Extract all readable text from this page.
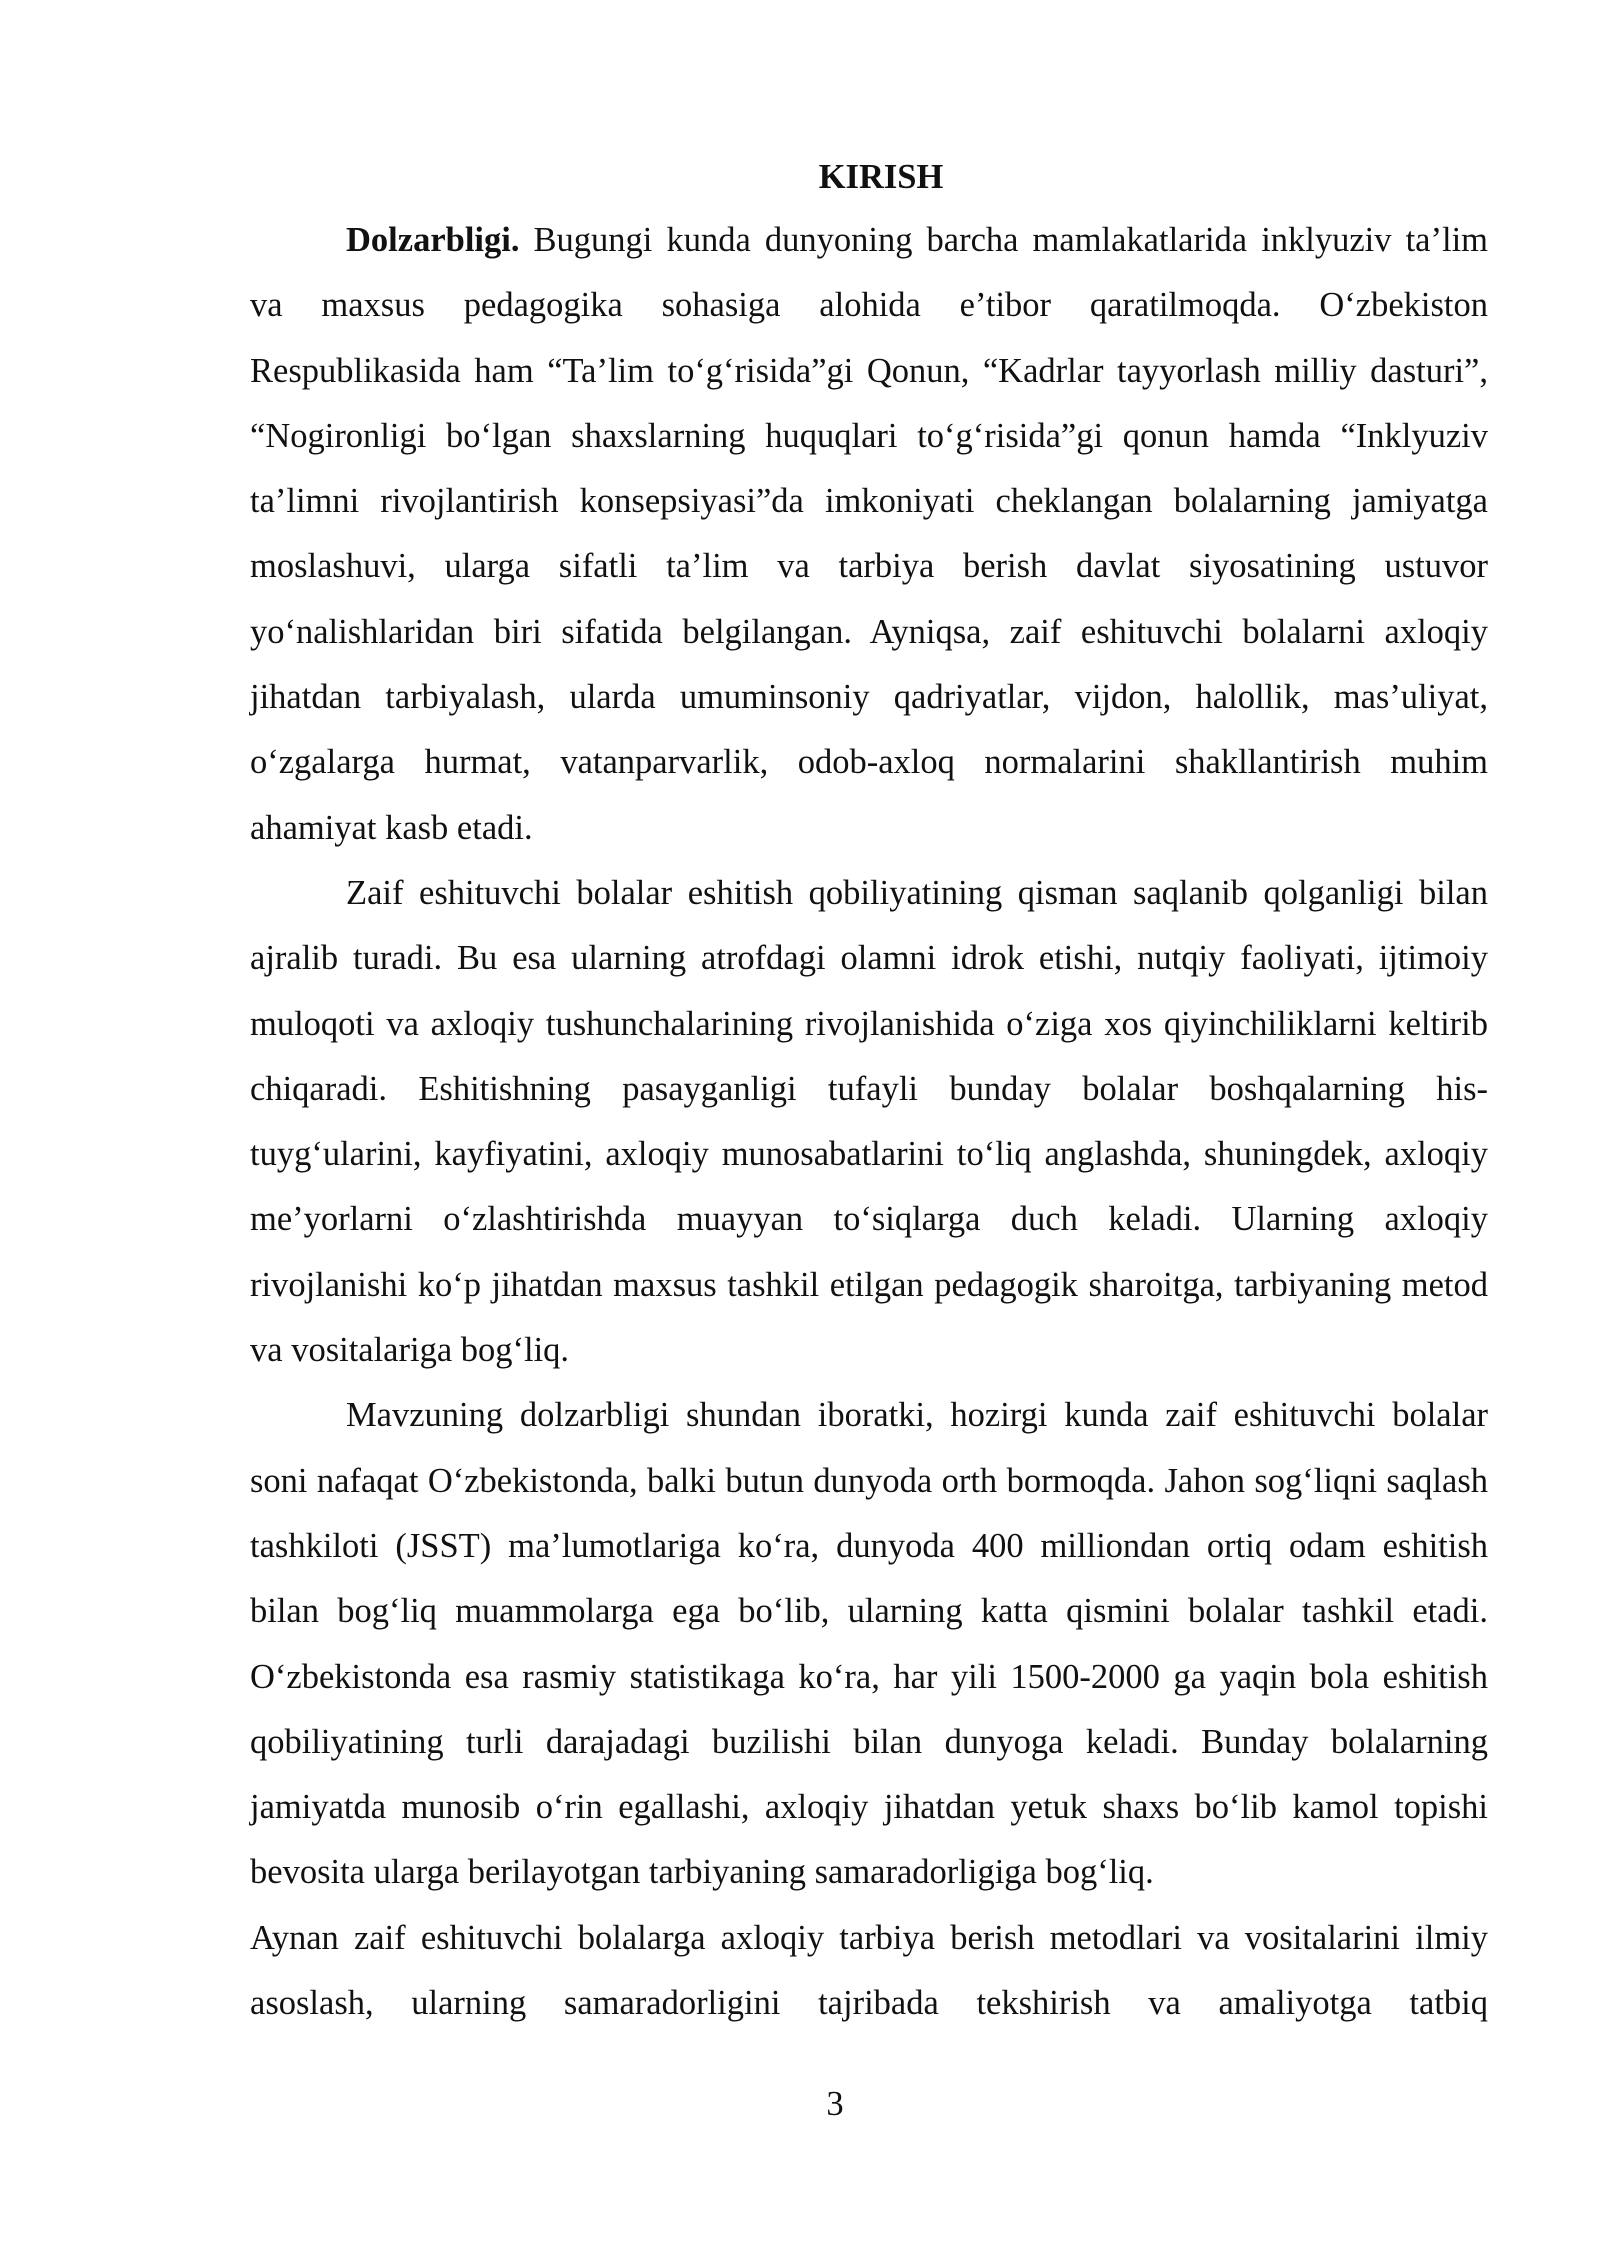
KIRISH

Dolzarbligi. Bugungi kunda dunyoning barcha mamlakatlarida inklyuziv ta’lim va maxsus pedagogika sohasiga alohida e’tibor qaratilmoqda. O‘zbekiston Respublikasida ham “Ta’lim to‘g‘risida”gi Qonun, “Kadrlar tayyorlash milliy dasturi”, “Nogironligi bo‘lgan shaxslarning huquqlari to‘g‘risida”gi qonun hamda “Inklyuziv ta’limni rivojlantirish konsepsiyasi”da imkoniyati cheklangan bolalarning jamiyatga moslashuvi, ularga sifatli ta’lim va tarbiya berish davlat siyosatining ustuvor yo‘nalishlaridan biri sifatida belgilangan. Ayniqsa, zaif eshituvchi bolalarni axloqiy jihatdan tarbiyalash, ularda umuminsoniy qadriyatlar, vijdon, halollik, mas’uliyat, o‘zgalarga hurmat, vatanparvarlik, odob-axloq normalarini shakllantirish muhim ahamiyat kasb etadi.

Zaif eshituvchi bolalar eshitish qobiliyatining qisman saqlanib qolganligi bilan ajralib turadi. Bu esa ularning atrofdagi olamni idrok etishi, nutqiy faoliyati, ijtimoiy muloqoti va axloqiy tushunchalarining rivojlanishida o‘ziga xos qiyinchiliklarni keltirib chiqaradi. Eshitishning pasayganligi tufayli bunday bolalar boshqalarning his-tuyg‘ularini, kayfiyatini, axloqiy munosabatlarini to‘liq anglashda, shuningdek, axloqiy me’yorlarni o‘zlashtirishda muayyan to‘siqlarga duch keladi. Ularning axloqiy rivojlanishi ko‘p jihatdan maxsus tashkil etilgan pedagogik sharoitga, tarbiyaning metod va vositalariga bog‘liq.

Mavzuning dolzarbligi shundan iboratki, hozirgi kunda zaif eshituvchi bolalar soni nafaqat O‘zbekistonda, balki butun dunyoda orth bormoqda. Jahon sog‘liqni saqlash tashkiloti (JSST) ma’lumotlariga ko‘ra, dunyoda 400 milliondan ortiq odam eshitish bilan bog‘liq muammolarga ega bo‘lib, ularning katta qismini bolalar tashkil etadi. O‘zbekistonda esa rasmiy statistikaga ko‘ra, har yili 1500-2000 ga yaqin bola eshitish qobiliyatining turli darajadagi buzilishi bilan dunyoga keladi. Bunday bolalarning jamiyatda munosib o‘rin egallashi, axloqiy jihatdan yetuk shaxs bo‘lib kamol topishi bevosita ularga berilayotgan tarbiyaning samaradorligiga bog‘liq.

Aynan zaif eshituvchi bolalarga axloqiy tarbiya berish metodlari va vositalarini ilmiy asoslash, ularning samaradorligini tajribada tekshirish va amaliyotga tatbiq

3
